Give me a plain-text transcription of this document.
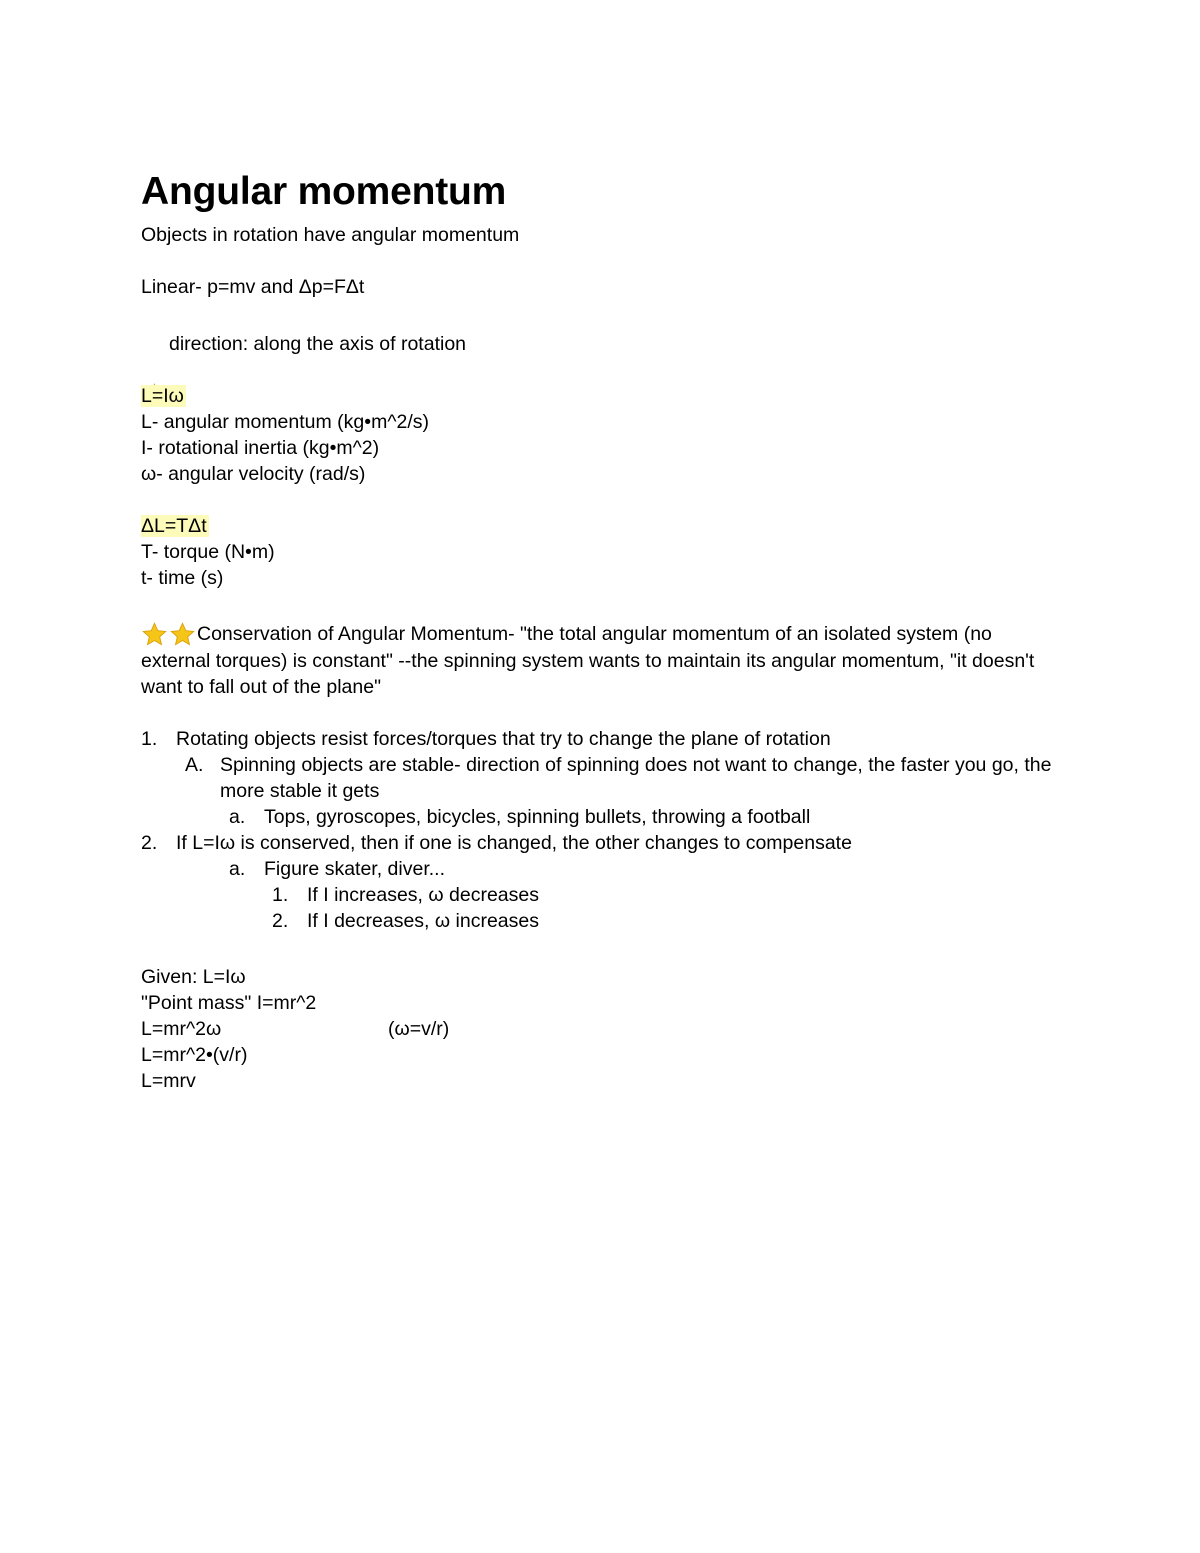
Angular momentum

Objects in rotation have angular momentum

Linear- p=mv and Δp=FΔt

direction: along the axis of rotation

L=Iω

L- angular momentum (kg•m^2/s)

I- rotational inertia (kg•m^2)

ω- angular velocity (rad/s)

ΔL=TΔt

T- torque (N•m)

t- time (s)

Conservation of Angular Momentum- "the total angular momentum of an isolated system (no external torques) is constant" --the spinning system wants to maintain its angular momentum, "it doesn't want to fall out of the plane"

1. Rotating objects resist forces/torques that try to change the plane of rotation
A. Spinning objects are stable- direction of spinning does not want to change, the faster you go, the more stable it gets
a. Tops, gyroscopes, bicycles, spinning bullets, throwing a football
2. If L=Iω is conserved, then if one is changed, the other changes to compensate
a. Figure skater, diver...
1. If I increases, ω decreases
2. If I decreases, ω increases

Given: L=Iω

"Point mass" I=mr^2

L=mr^2ω	(ω=v/r)

L=mr^2•(v/r)

L=mrv
